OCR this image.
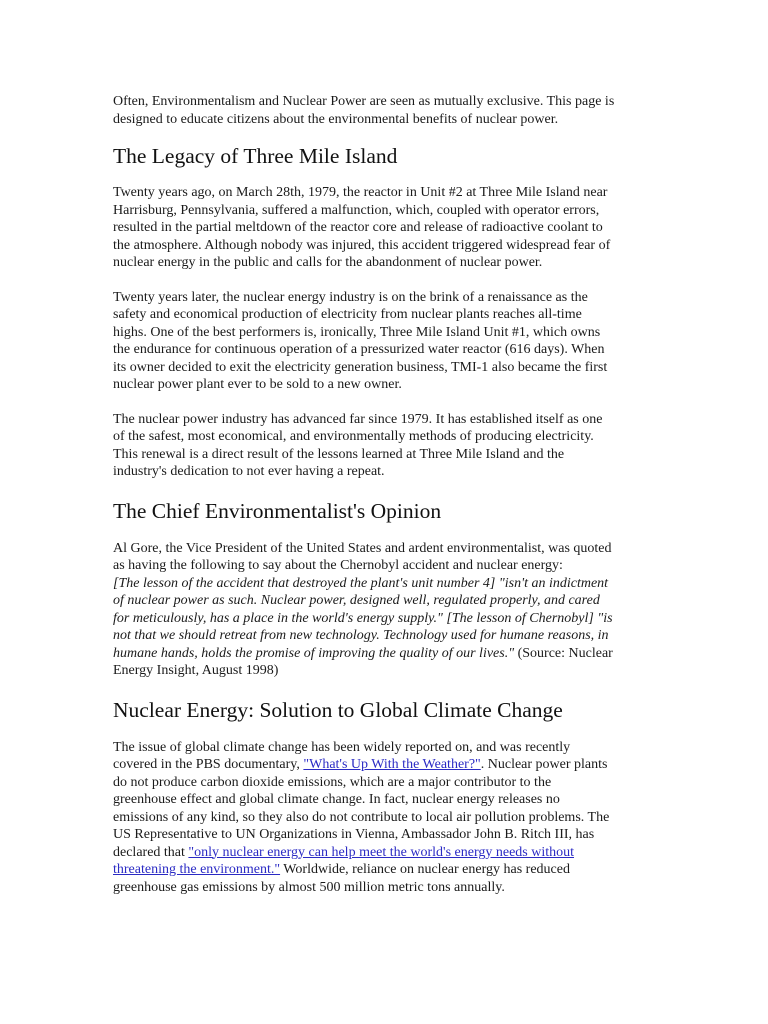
Often, Environmentalism and Nuclear Power are seen as mutually exclusive. This page is
designed to educate citizens about the environmental benefits of nuclear power.

The Legacy of Three Mile Island

Twenty years ago, on March 28th, 1979, the reactor in Unit #2 at Three Mile Island near
Harrisburg, Pennsylvania, suffered a malfunction, which, coupled with operator errors,
resulted in the partial meltdown of the reactor core and release of radioactive coolant to
the atmosphere. Although nobody was injured, this accident triggered widespread fear of
nuclear energy in the public and calls for the abandonment of nuclear power.

Twenty years later, the nuclear energy industry is on the brink of a renaissance as the
safety and economical production of electricity from nuclear plants reaches all-time
highs. One of the best performers is, ironically, Three Mile Island Unit #1, which owns
the endurance for continuous operation of a pressurized water reactor (616 days). When
its owner decided to exit the electricity generation business, TMI-1 also became the first
nuclear power plant ever to be sold to a new owner.

The nuclear power industry has advanced far since 1979. It has established itself as one
of the safest, most economical, and environmentally methods of producing electricity.
This renewal is a direct result of the lessons learned at Three Mile Island and the
industry's dedication to not ever having a repeat.

The Chief Environmentalist's Opinion

Al Gore, the Vice President of the United States and ardent environmentalist, was quoted
as having the following to say about the Chernobyl accident and nuclear energy:
[The lesson of the accident that destroyed the plant's unit number 4] "isn't an indictment
of nuclear power as such. Nuclear power, designed well, regulated properly, and cared
for meticulously, has a place in the world's energy supply." [The lesson of Chernobyl] "is
not that we should retreat from new technology. Technology used for humane reasons, in
humane hands, holds the promise of improving the quality of our lives." (Source: Nuclear
Energy Insight, August 1998)

Nuclear Energy: Solution to Global Climate Change

The issue of global climate change has been widely reported on, and was recently
covered in the PBS documentary, "What's Up With the Weather?". Nuclear power plants
do not produce carbon dioxide emissions, which are a major contributor to the
greenhouse effect and global climate change. In fact, nuclear energy releases no
emissions of any kind, so they also do not contribute to local air pollution problems. The
US Representative to UN Organizations in Vienna, Ambassador John B. Ritch III, has
declared that "only nuclear energy can help meet the world's energy needs without
threatening the environment." Worldwide, reliance on nuclear energy has reduced
greenhouse gas emissions by almost 500 million metric tons annually.
